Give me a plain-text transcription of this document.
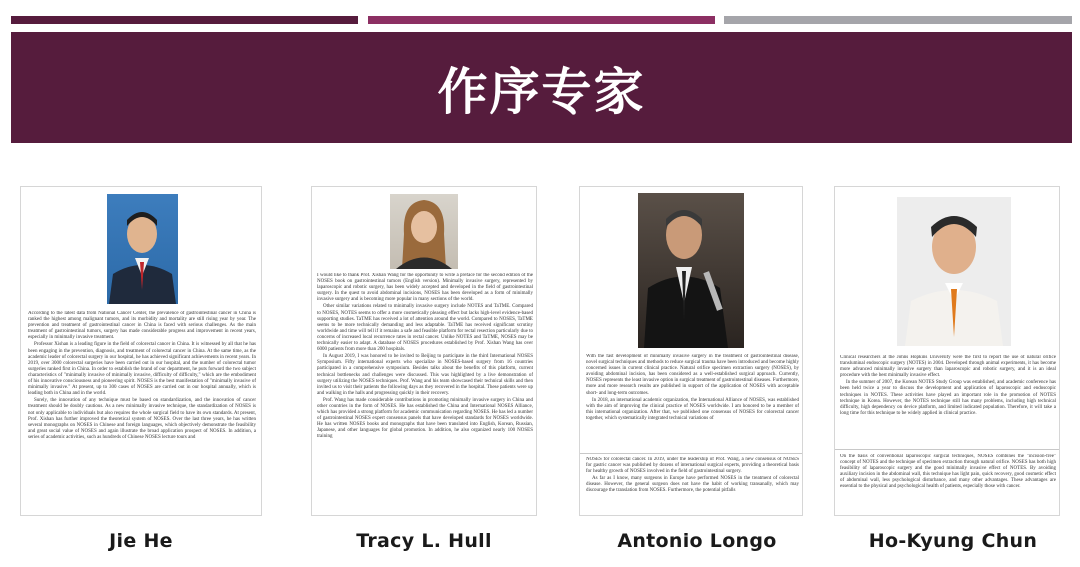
作序专家

According to the latest data from National Cancer Center, the prevalence of gastrointestinal cancer in China is ranked the highest among malignant tumors, and its morbidity and mortality are still rising year by year. The prevention and treatment of gastrointestinal cancer in China is faced with serious challenges. As the main treatment of gastrointestinal tumors, surgery has made considerable progress and improvement in recent years, especially in minimally invasive treatment.

Professor Xishan is a leading figure in the field of colorectal cancer in China. It is witnessed by all that he has been engaging in the prevention, diagnosis, and treatment of colorectal cancer in China. At the same time, as the academic leader of colorectal surgery in our hospital, he has achieved significant achievements in recent years. In 2019, over 3000 colorectal surgeries have been carried out in our hospital, and the number of colorectal tumor surgeries ranked first in China. In order to establish the brand of our department, he puts forward the two subject characteristics of "minimally invasive of minimally invasive, difficulty of difficulty," which are the embodiment of his innovative consciousness and pioneering spirit. NOSES is the best manifestation of "minimally invasive of minimally invasive." At present, up to 300 cases of NOSES are carried out in our hospital annually, which is leading both in China and in the world.

Surely, the innovation of any technique must be based on standardization, and the innovation of cancer treatment should be doubly cautious. As a new minimally invasive technique, the standardization of NOSES is not only applicable to individuals but also requires the whole surgical field to have its own standards. At present, Prof. Xishan has further improved the theoretical system of NOSES. Over the last three years, he has written several monographs on NOSES in Chinese and foreign languages, which objectively demonstrate the feasibility and great social value of NOSES and again illustrate the broad application prospect of NOSES. In addition, a series of academic activities, such as hundreds of Chinese NOSES lecture tours and

I would like to thank Prof. Xishan Wang for the opportunity to write a preface for the second edition of the NOSES book on gastrointestinal tumors (English version). Minimally invasive surgery, represented by laparoscopic and robotic surgery, has been widely accepted and developed in the field of gastrointestinal surgery. In the quest to avoid abdominal incisions, NOSES has been developed as a form of minimally invasive surgery and is becoming more popular in many sections of the world.

Other similar variations related to minimally invasive surgery include NOTES and TaTME. Compared to NOSES, NOTES seems to offer a more cosmetically pleasing effect but lacks high-level evidence-based supporting studies. TaTME has received a lot of attention around the world. Compared to NOSES, TaTME seems to be more technically demanding and less adaptable. TaTME has received significant scrutiny worldwide and time will tell if it remains a safe and feasible platform for rectal resection particularly due to concerns of increased local recurrence rates in rectal cancer. Unlike NOTES and TaTME, NOSES may be technically easier to adapt. A database of NOSES procedures established by Prof. Xishan Wang has over 6000 patients from more than 200 hospitals.

In August 2019, I was honored to be invited to Beijing to participate in the third International NOSES Symposium. Fifty international experts who specialize in NOSES-based surgery from 16 countries participated in a comprehensive symposium. Besides talks about the benefits of this platform, current technical bottlenecks and challenges were discussed. This was highlighted by a live demonstration of surgery utilizing the NOSES techniques. Prof. Wang and his team showcased their technical skills and then invited us to visit their patients the following days as they recovered in the hospital. These patients were up and walking in the halls and progressing quickly in their recovery.

Prof. Wang has made considerable contributions in promoting minimally invasive surgery in China and other countries in the form of NOSES. He has established the China and International NOSES Alliance, which has provided a strong platform for academic communication regarding NOSES. He has led a number of gastrointestinal NOSES expert consensus panels that have developed standards for NOSES worldwide. He has written NOSES books and monographs that have been translated into English, Korean, Russian, Japanese, and other languages for global promotion. In addition, he also organized nearly 100 NOSES training

With the fast development of minimally invasive surgery in the treatment of gastrointestinal disease, novel surgical techniques and methods to reduce surgical trauma have been introduced and become highly concerned issues in current clinical practice. Natural orifice specimen extraction surgery (NOSES), by avoiding abdominal incision, has been considered as a well-established surgical approach. Currently, NOSES represents the least invasive option in surgical treatment of gastrointestinal diseases. Furthermore, more and more research results are published in support of the application of NOSES with acceptable short- and long-term outcomes.

In 2018, an international academic organization, the International Alliance of NOSES, was established with the aim of improving the clinical practice of NOSES worldwide. I am honored to be a member of this international organization. After that, we published one consensus of NOSES for colorectal cancer together, which systematically integrated technical variations of

NOSES for colorectal cancer. In 2019, under the leadership of Prof. Wang, a new consensus of NOSES for gastric cancer was published by dozens of international surgical experts, providing a theoretical basis for healthy growth of NOSES involved in the field of gastrointestinal surgery.

As far as I know, many surgeons in Europe have performed NOSES in the treatment of colorectal disease. However, the general surgeon does not have the habit of working transanally, which may discourage the translation from NOSES. Furthermore, the potential pitfalls

Clinical researchers at the Johns Hopkins University were the first to report the use of natural orifice transluminal endoscopic surgery (NOTES) in 2004. Developed through animal experiments, it has become more advanced minimally invasive surgery than laparoscopic and robotic surgery, and it is an ideal procedure with the best minimally invasive effect.

In the summer of 2007, the Korean NOTES Study Group was established, and academic conference has been held twice a year to discuss the development and application of laparoscopic and endoscopic techniques in NOTES. These activities have played an important role in the promotion of NOTES technique in Korea. However, the NOTES technique still has many problems, including high technical difficulty, high dependency on device platform, and limited indicated population. Therefore, it will take a long time for this technique to be widely applied in clinical practice.

On the basis of conventional laparoscopic surgical techniques, NOSES combines the "incision-free" concept of NOTES and the technique of specimen extraction through natural orifice. NOSES has both high feasibility of laparoscopic surgery and the good minimally invasive effect of NOTES. By avoiding auxiliary incision in the abdominal wall, this technique has light pain, quick recovery, good cosmetic effect of abdominal wall, less psychological disturbance, and many other advantages. These advantages are essential to the physical and psychological health of patients, especially those with cancer.

Jie He	Tracy L. Hull	Antonio Longo	Ho-Kyung Chun
